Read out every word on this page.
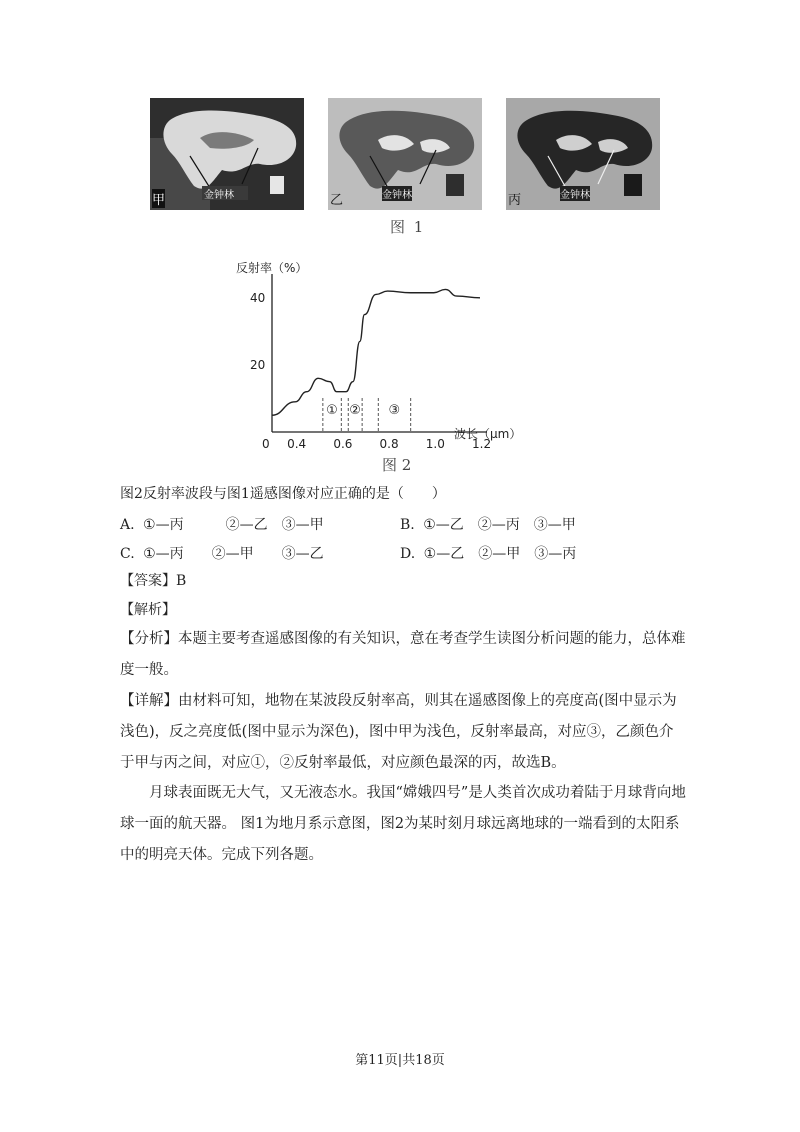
金钟林
甲	金钟林
乙	金钟林
丙
图 1
反射率（%）
波长（μm）
0 0.4 0.6 0.8 1.0 1.2
20
40
① ② ③
图 2
图2反射率波段与图1遥感图像对应正确的是（　　）
A. ①—丙　　　②—乙　③—甲	B. ①—乙　②—丙　③—甲
C. ①—丙　　②—甲　　③—乙	D. ①—乙　②—甲　③—丙
【答案】B
【解析】
【分析】本题主要考查遥感图像的有关知识，意在考查学生读图分析问题的能力，总体难度一般。
【详解】由材料可知，地物在某波段反射率高，则其在遥感图像上的亮度高(图中显示为浅色)，反之亮度低(图中显示为深色)，图中甲为浅色，反射率最高，对应③，乙颜色介于甲与丙之间，对应①，②反射率最低，对应颜色最深的丙，故选B。
月球表面既无大气，又无液态水。我国“嫦娥四号”是人类首次成功着陆于月球背向地球一面的航天器。 图1为地月系示意图，图2为某时刻月球远离地球的一端看到的太阳系中的明亮天体。完成下列各题。
第11页|共18页
